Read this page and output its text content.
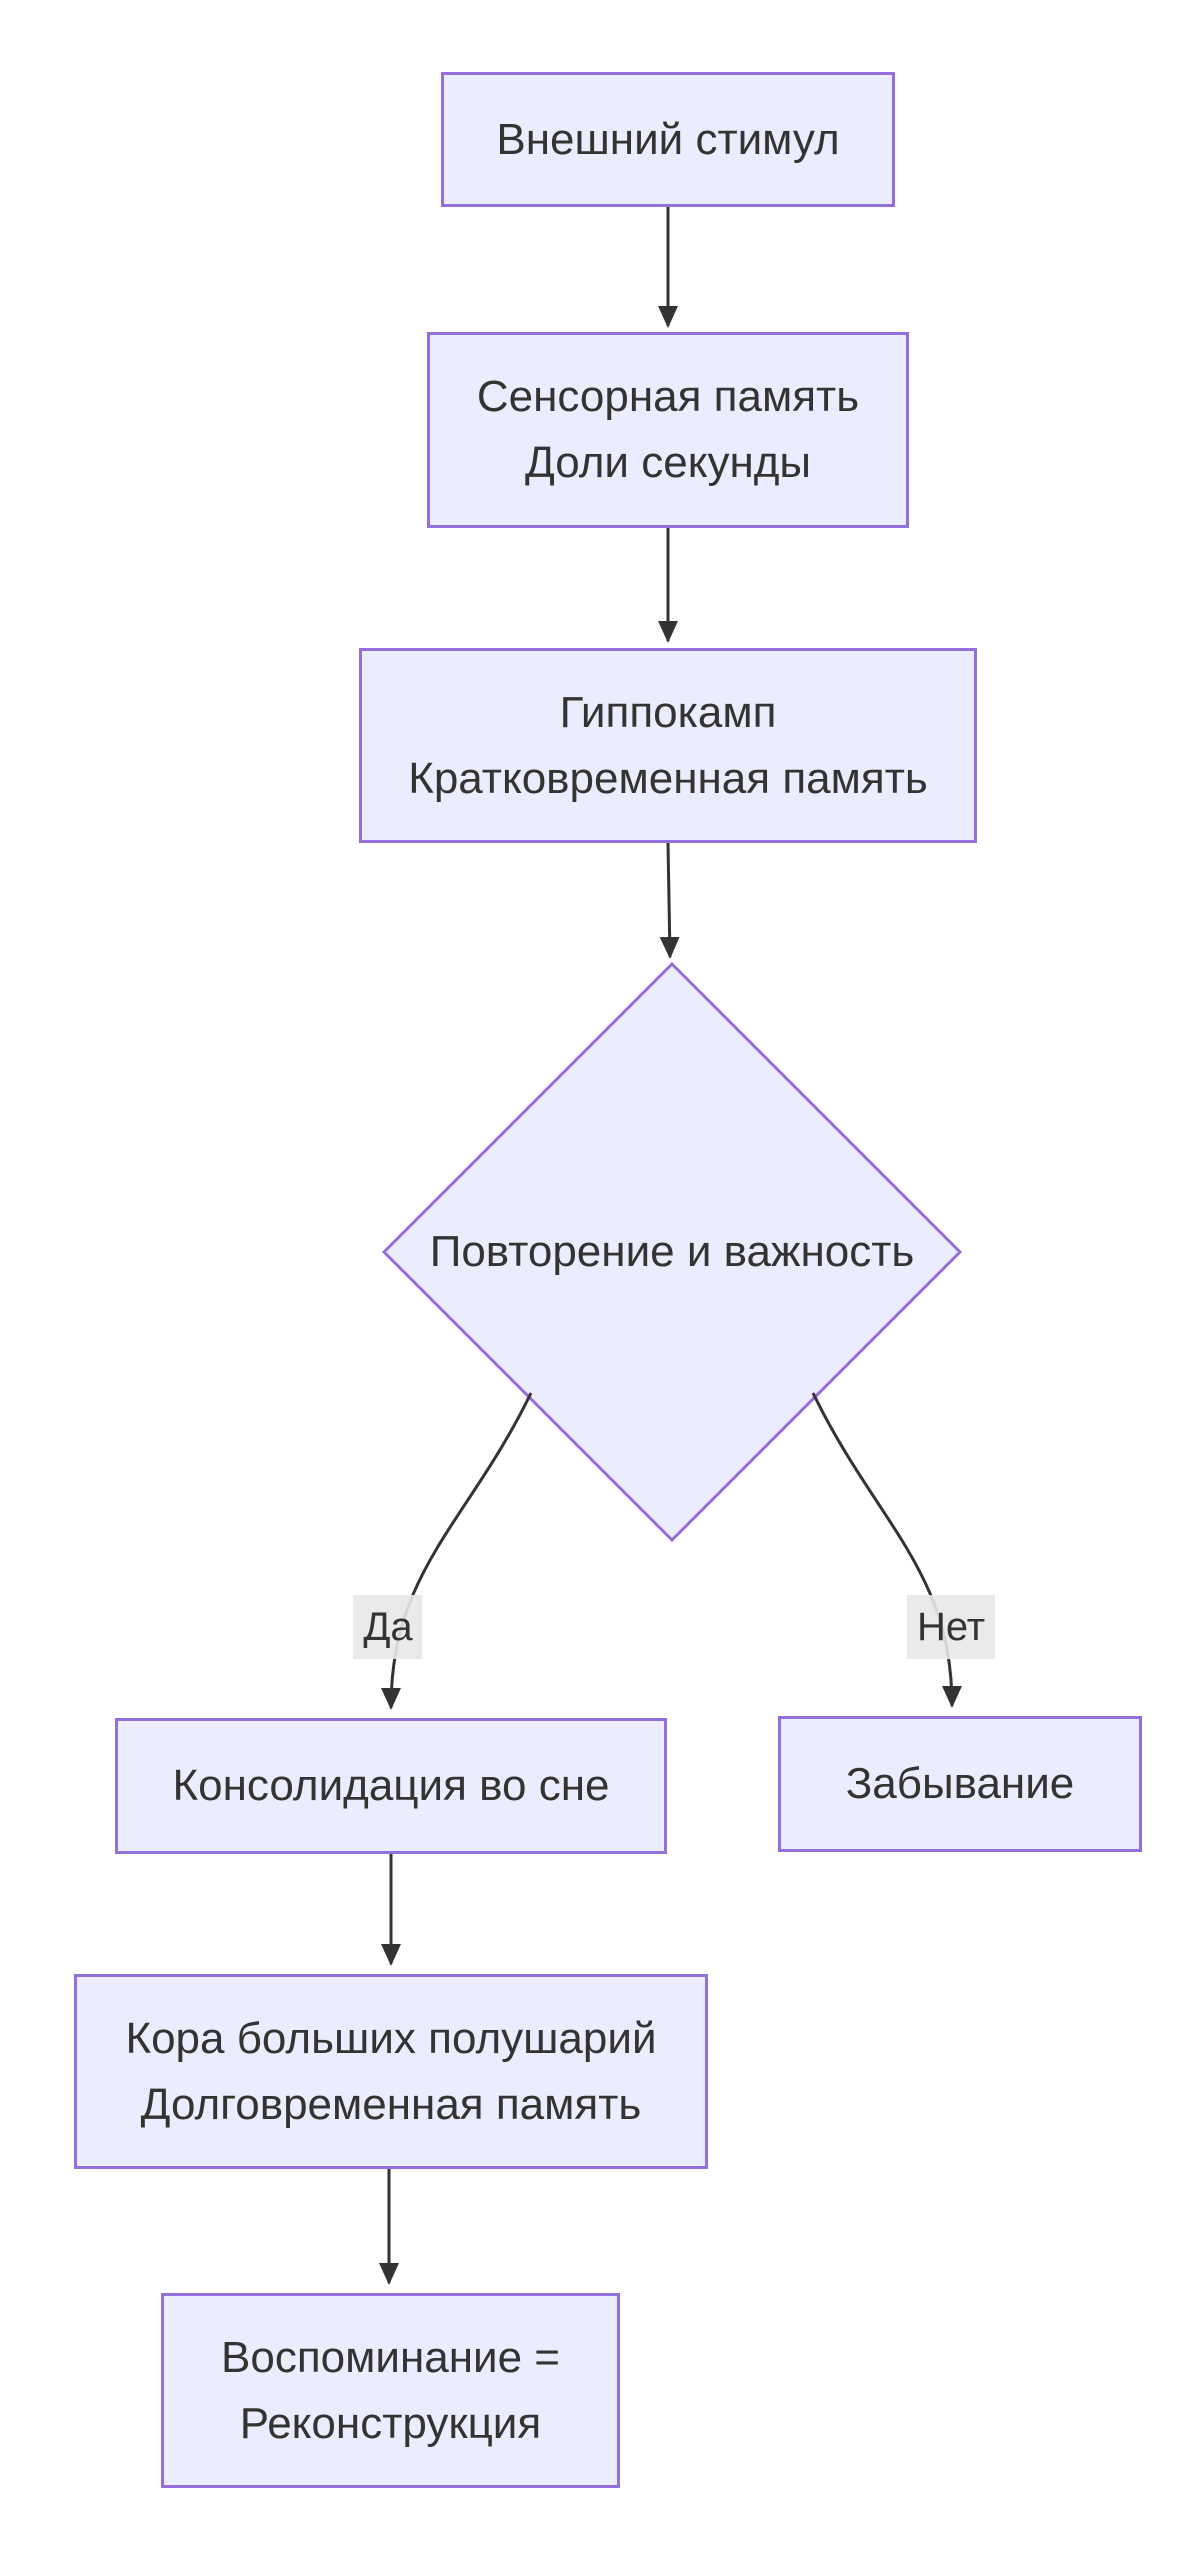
Внешний стимул
Сенсорная память
Доли секунды
Гиппокамп
Кратковременная память
Повторение и важность
Консолидация во сне	Забывание
Кора больших полушарий
Долговременная память
Воспоминание =
Реконструкция
Да	Нет
